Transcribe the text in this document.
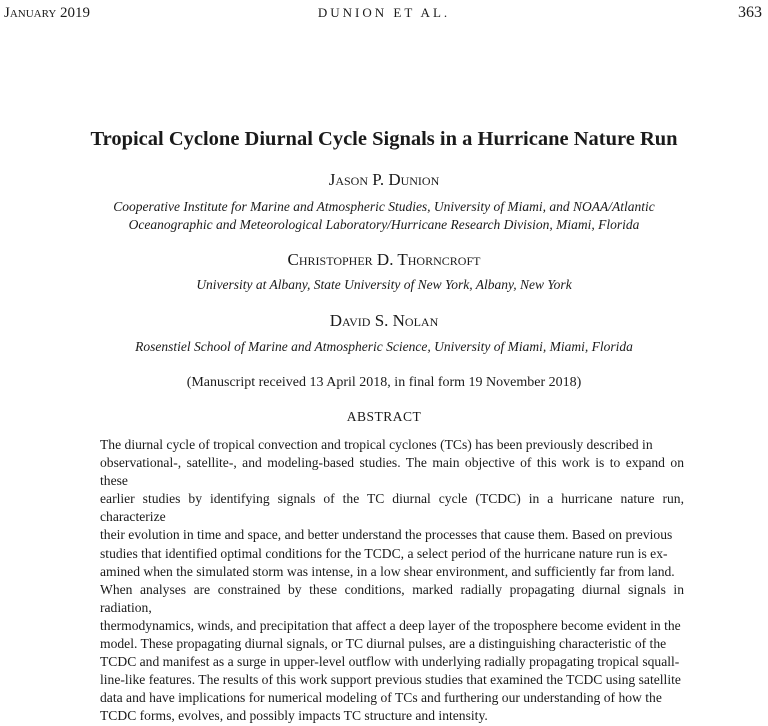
January 2019	DUNION ET AL.	363
Tropical Cyclone Diurnal Cycle Signals in a Hurricane Nature Run
Jason P. Dunion
Cooperative Institute for Marine and Atmospheric Studies, University of Miami, and NOAA/Atlantic
Oceanographic and Meteorological Laboratory/Hurricane Research Division, Miami, Florida
Christopher D. Thorncroft
University at Albany, State University of New York, Albany, New York
David S. Nolan
Rosenstiel School of Marine and Atmospheric Science, University of Miami, Miami, Florida
(Manuscript received 13 April 2018, in final form 19 November 2018)
ABSTRACT
The diurnal cycle of tropical convection and tropical cyclones (TCs) has been previously described in
observational-, satellite-, and modeling-based studies. The main objective of this work is to expand on these
earlier studies by identifying signals of the TC diurnal cycle (TCDC) in a hurricane nature run, characterize
their evolution in time and space, and better understand the processes that cause them. Based on previous
studies that identified optimal conditions for the TCDC, a select period of the hurricane nature run is ex-
amined when the simulated storm was intense, in a low shear environment, and sufficiently far from land.
When analyses are constrained by these conditions, marked radially propagating diurnal signals in radiation,
thermodynamics, winds, and precipitation that affect a deep layer of the troposphere become evident in the
model. These propagating diurnal signals, or TC diurnal pulses, are a distinguishing characteristic of the
TCDC and manifest as a surge in upper-level outflow with underlying radially propagating tropical squall-
line-like features. The results of this work support previous studies that examined the TCDC using satellite
data and have implications for numerical modeling of TCs and furthering our understanding of how the
TCDC forms, evolves, and possibly impacts TC structure and intensity.
